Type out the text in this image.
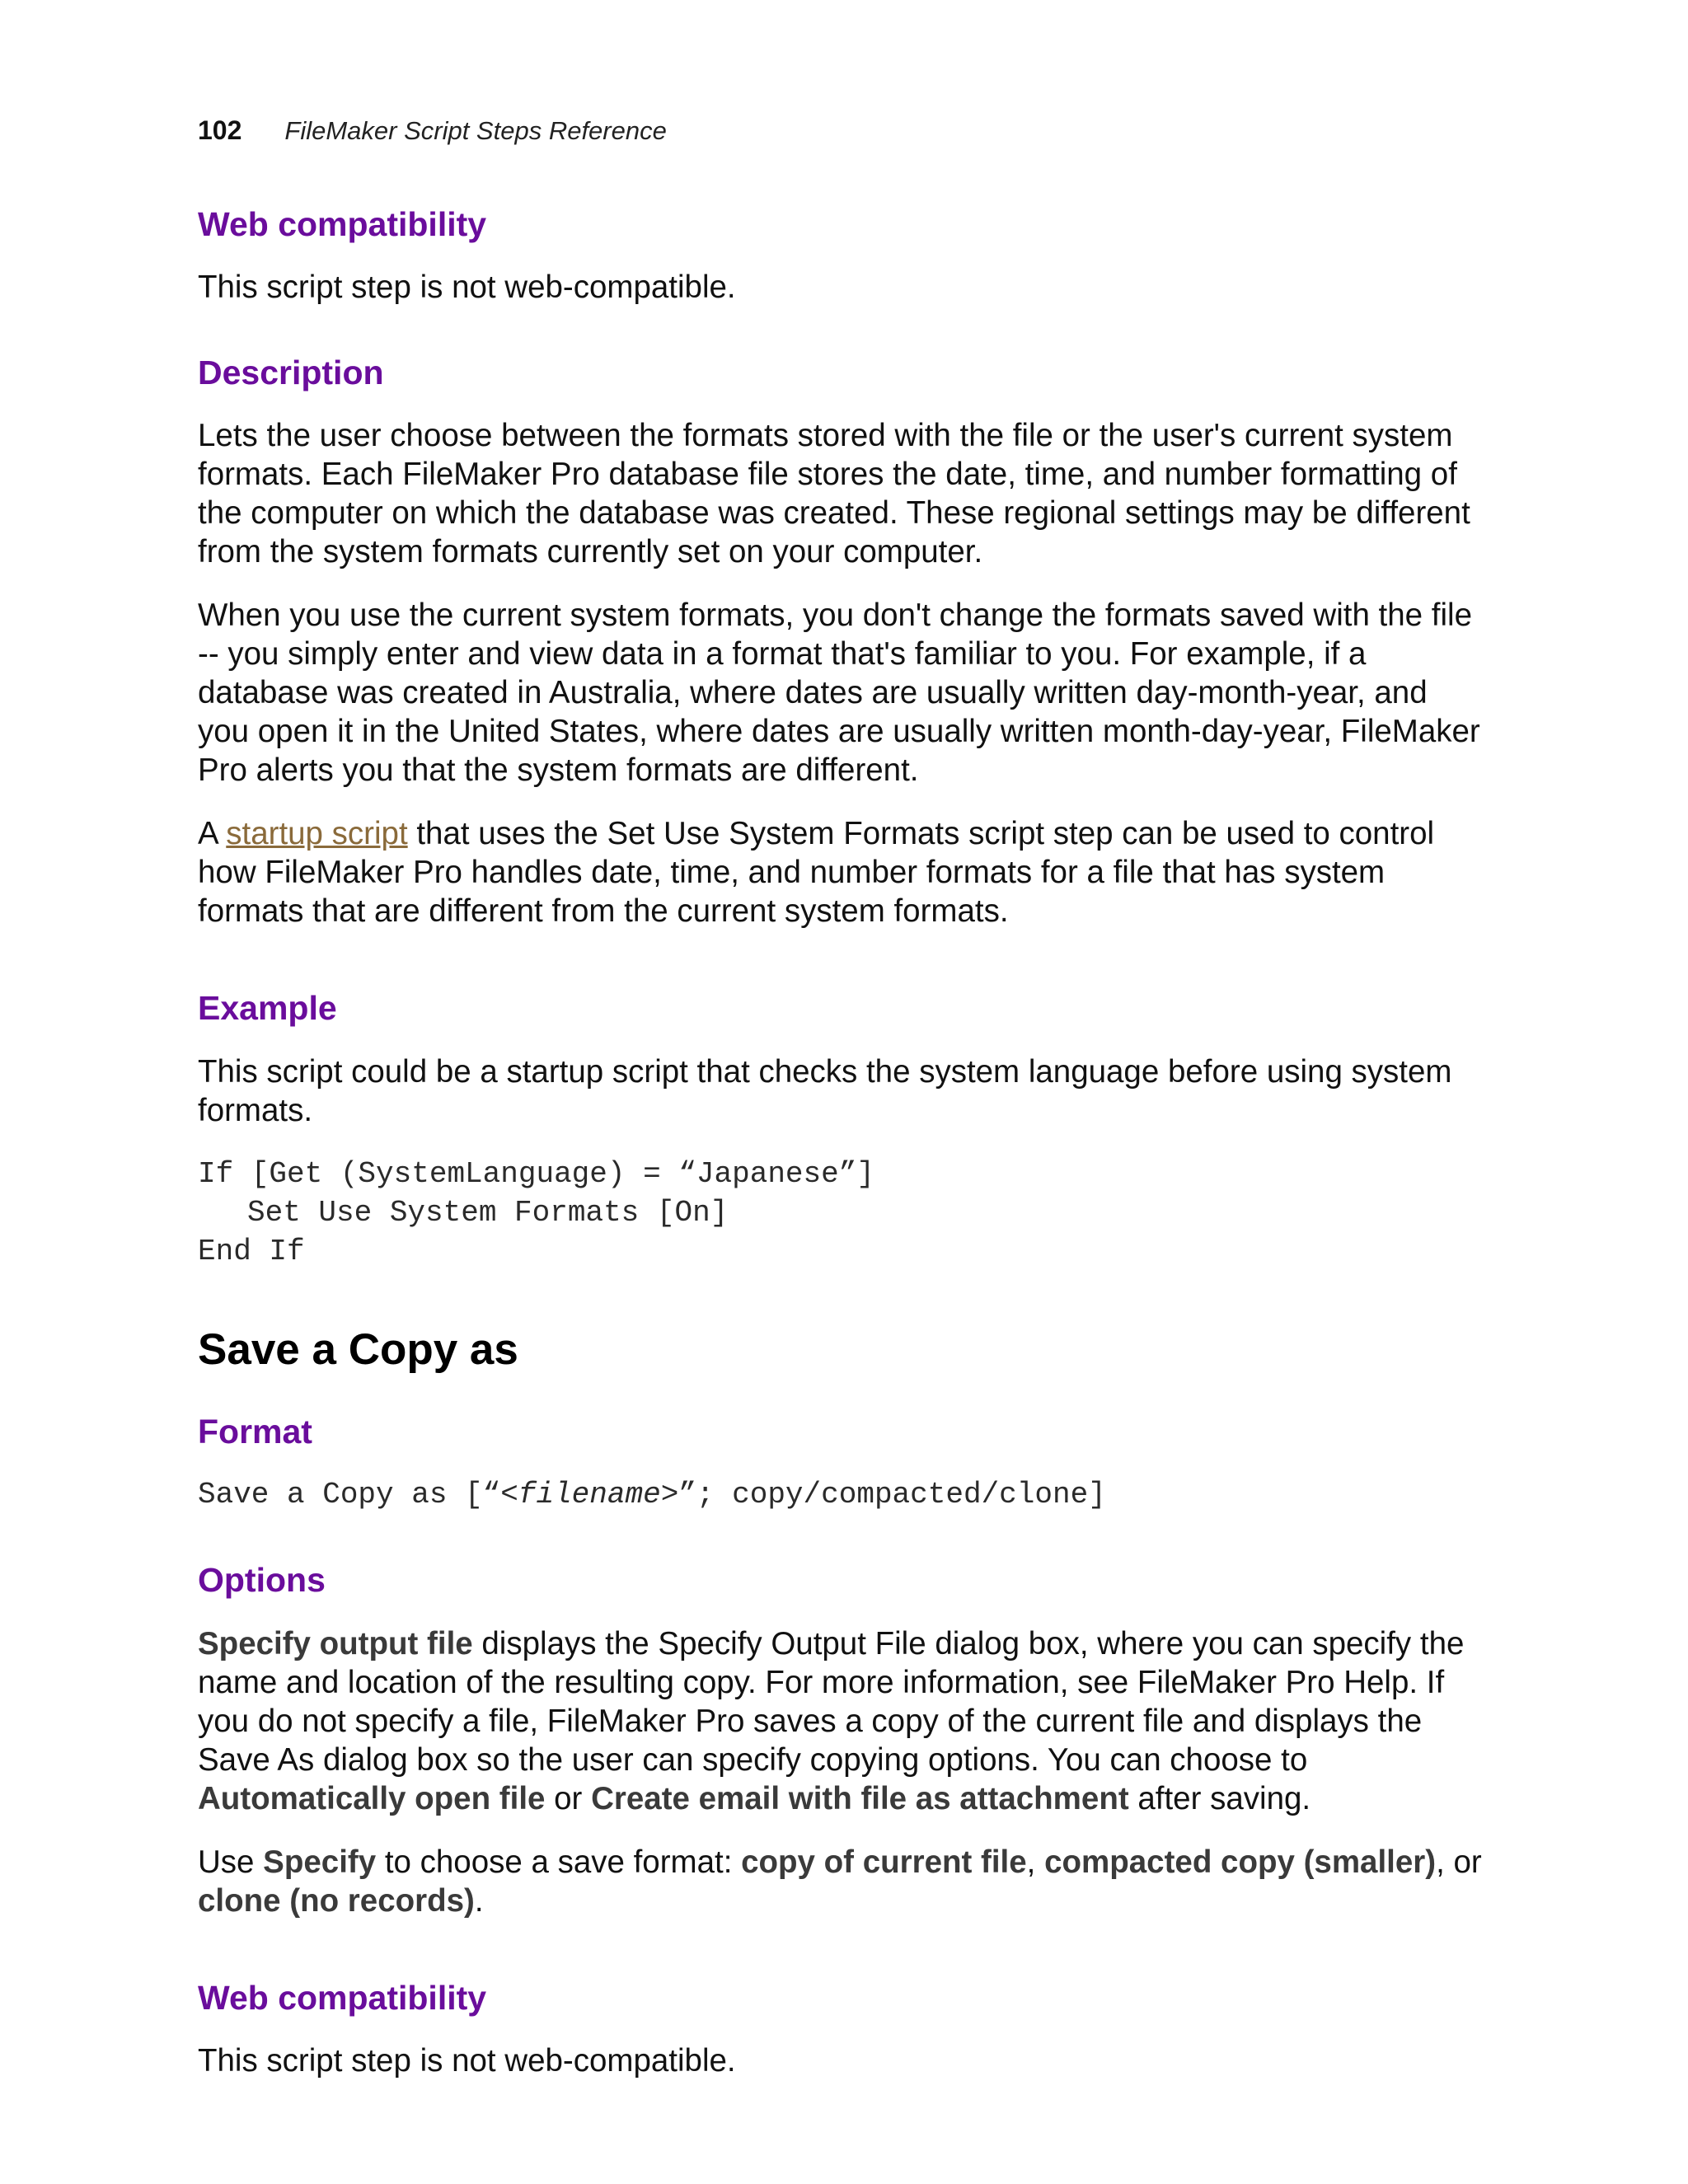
102 FileMaker Script Steps Reference
Web compatibility

This script step is not web-compatible.

Description

Lets the user choose between the formats stored with the file or the user's current system formats. Each FileMaker Pro database file stores the date, time, and number formatting of the computer on which the database was created. These regional settings may be different from the system formats currently set on your computer.

When you use the current system formats, you don't change the formats saved with the file -- you simply enter and view data in a format that's familiar to you. For example, if a database was created in Australia, where dates are usually written day-month-year, and you open it in the United States, where dates are usually written month-day-year, FileMaker Pro alerts you that the system formats are different.

A startup script that uses the Set Use System Formats script step can be used to control how FileMaker Pro handles date, time, and number formats for a file that has system formats that are different from the current system formats.

Example

This script could be a startup script that checks the system language before using system formats.

If [Get (SystemLanguage) = “Japanese”]
Set Use System Formats [On]
End If
Save a Copy as
Format

Save a Copy as [“<filename>”; copy/compacted/clone]

Options

Specify output file displays the Specify Output File dialog box, where you can specify the name and location of the resulting copy. For more information, see FileMaker Pro Help. If you do not specify a file, FileMaker Pro saves a copy of the current file and displays the Save As dialog box so the user can specify copying options. You can choose to Automatically open file or Create email with file as attachment after saving.

Use Specify to choose a save format: copy of current file, compacted copy (smaller), or clone (no records).

Web compatibility

This script step is not web-compatible.
